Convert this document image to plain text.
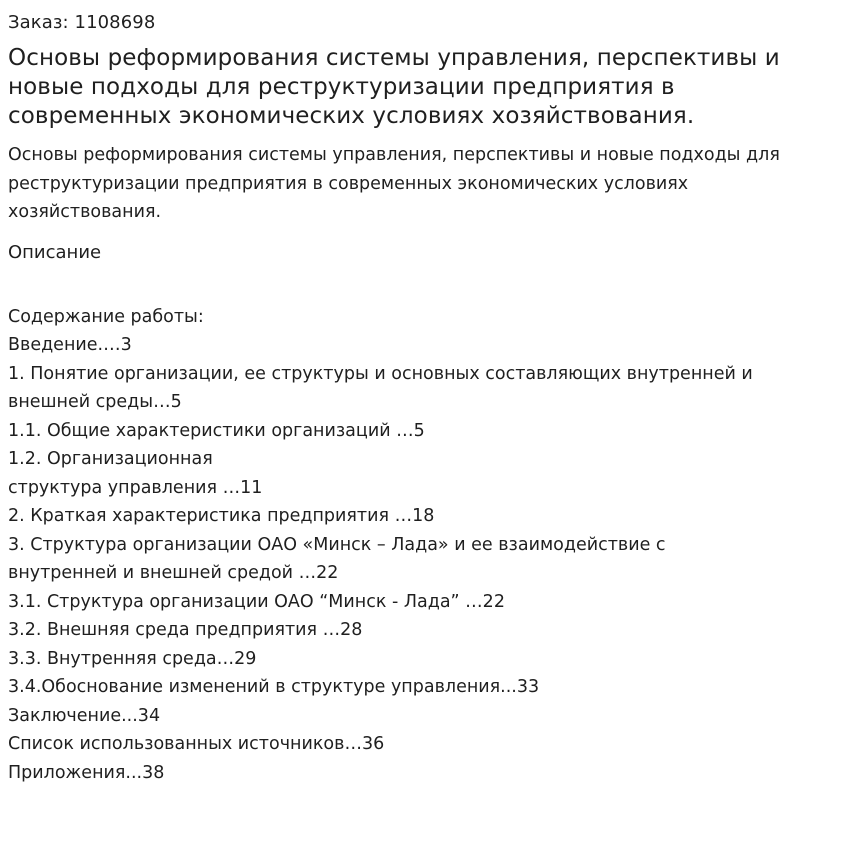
Заказ: 1108698
Основы реформирования системы управления, перспективы и новые подходы для реструктуризации предприятия в современных экономических условиях хозяйствования.
Основы реформирования системы управления, перспективы и новые подходы для реструктуризации предприятия в современных экономических условиях хозяйствования.
Описание
Содержание работы:
Введение.…3
1. Понятие организации, ее структуры и основных составляющих внутренней и
внешней среды…5
1.1. Общие характеристики организаций …5
1.2. Организационная
структура управления …11
2. Краткая характеристика предприятия …18
3. Структура организации ОАО «Минск – Лада» и ее взаимодействие с
внутренней и внешней средой …22
3.1. Структура организации ОАО “Минск - Лада” …22
3.2. Внешняя среда предприятия …28
3.3. Внутренняя среда…29
3.4.Обоснование изменений в структуре управления...33
Заключение...34
Список использованных источников…36
Приложения...38
